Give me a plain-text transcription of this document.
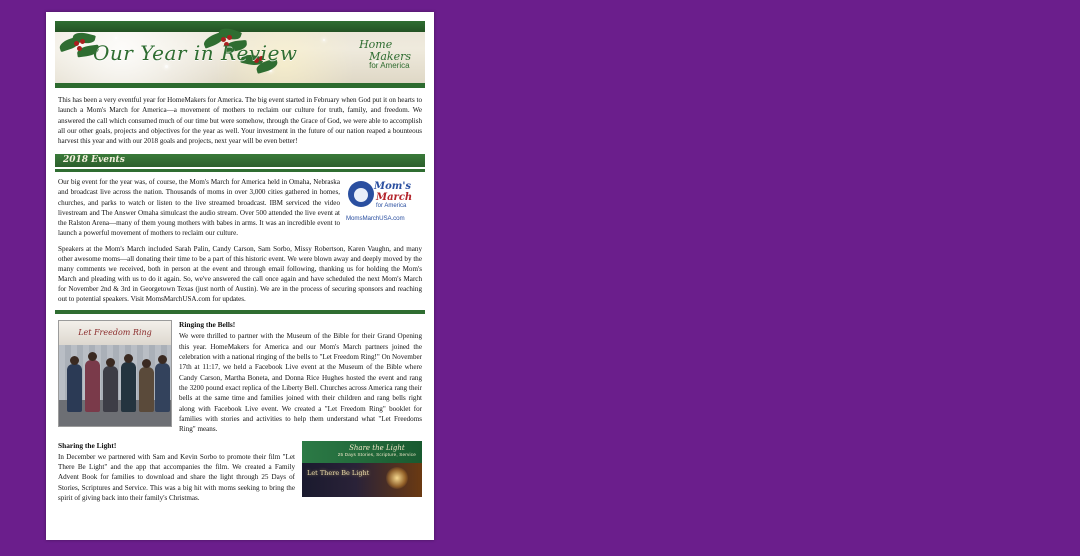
Our Year in Review	Home
Makers
for America

This has been a very eventful year for HomeMakers for America. The big event started in February when God put it on hearts to launch a Mom's March for America—a movement of mothers to reclaim our culture for truth, family, and freedom. We answered the call which consumed much of our time but were somehow, through the Grace of God, we were able to accomplish all our other goals, projects and objectives for the year as well. Your investment in the future of our nation reaped a bounteous harvest this year and with our 2018 goals and projects, next year will be even better!

2018 Events
Mom's
March
for America
MomsMarchUSA.com

Our big event for the year was, of course, the Mom's March for America held in Omaha, Nebraska and broadcast live across the nation. Thousands of moms in over 3,000 cities gathered in homes, churches, and parks to watch or listen to the live streamed broadcast. IBM serviced the video livestream and The Answer Omaha simulcast the audio stream. Over 500 attended the live event at the Ralston Arena—many of them young mothers with babes in arms. It was an incredible event to launch a powerful movement of mothers to reclaim our culture.

Speakers at the Mom's March included Sarah Palin, Candy Carson, Sam Sorbo, Missy Robertson, Karen Vaughn, and many other awesome moms—all donating their time to be a part of this historic event. We were blown away and deeply moved by the many comments we received, both in person at the event and through email following, thanking us for holding the Mom's March and pleading with us to do it again. So, we've answered the call once again and have scheduled the next Mom's March for November 2nd & 3rd in Georgetown Texas (just north of Austin). We are in the process of securing sponsors and reaching out to potential speakers. Visit MomsMarchUSA.com for updates.

Let Freedom Ring
Ringing the Bells!

We were thrilled to partner with the Museum of the Bible for their Grand Opening this year. HomeMakers for America and our Mom's March partners joined the celebration with a national ringing of the bells to "Let Freedom Ring!" On November 17th at 11:17, we held a Facebook Live event at the Museum of the Bible where Candy Carson, Martha Boneta, and Donna Rice Hughes hosted the event and rang the 3200 pound exact replica of the Liberty Bell. Churches across America rang their bells at the same time and families joined with their children and rang bells right along with Facebook Live event. We created a "Let Freedom Ring" booklet for families with stories and activities to help them understand what "Let Freedoms Ring" means.

Sharing the Light!

In December we partnered with Sam and Kevin Sorbo to promote their film "Let There Be Light" and the app that accompanies the film. We created a Family Advent Book for families to download and share the light through 25 Days of Stories, Scriptures and Service. This was a big hit with moms seeking to bring the spirit of giving back into their family's Christmas.

Share the Light
25 Days Stories, Scripture, Service
Let There Be Light
